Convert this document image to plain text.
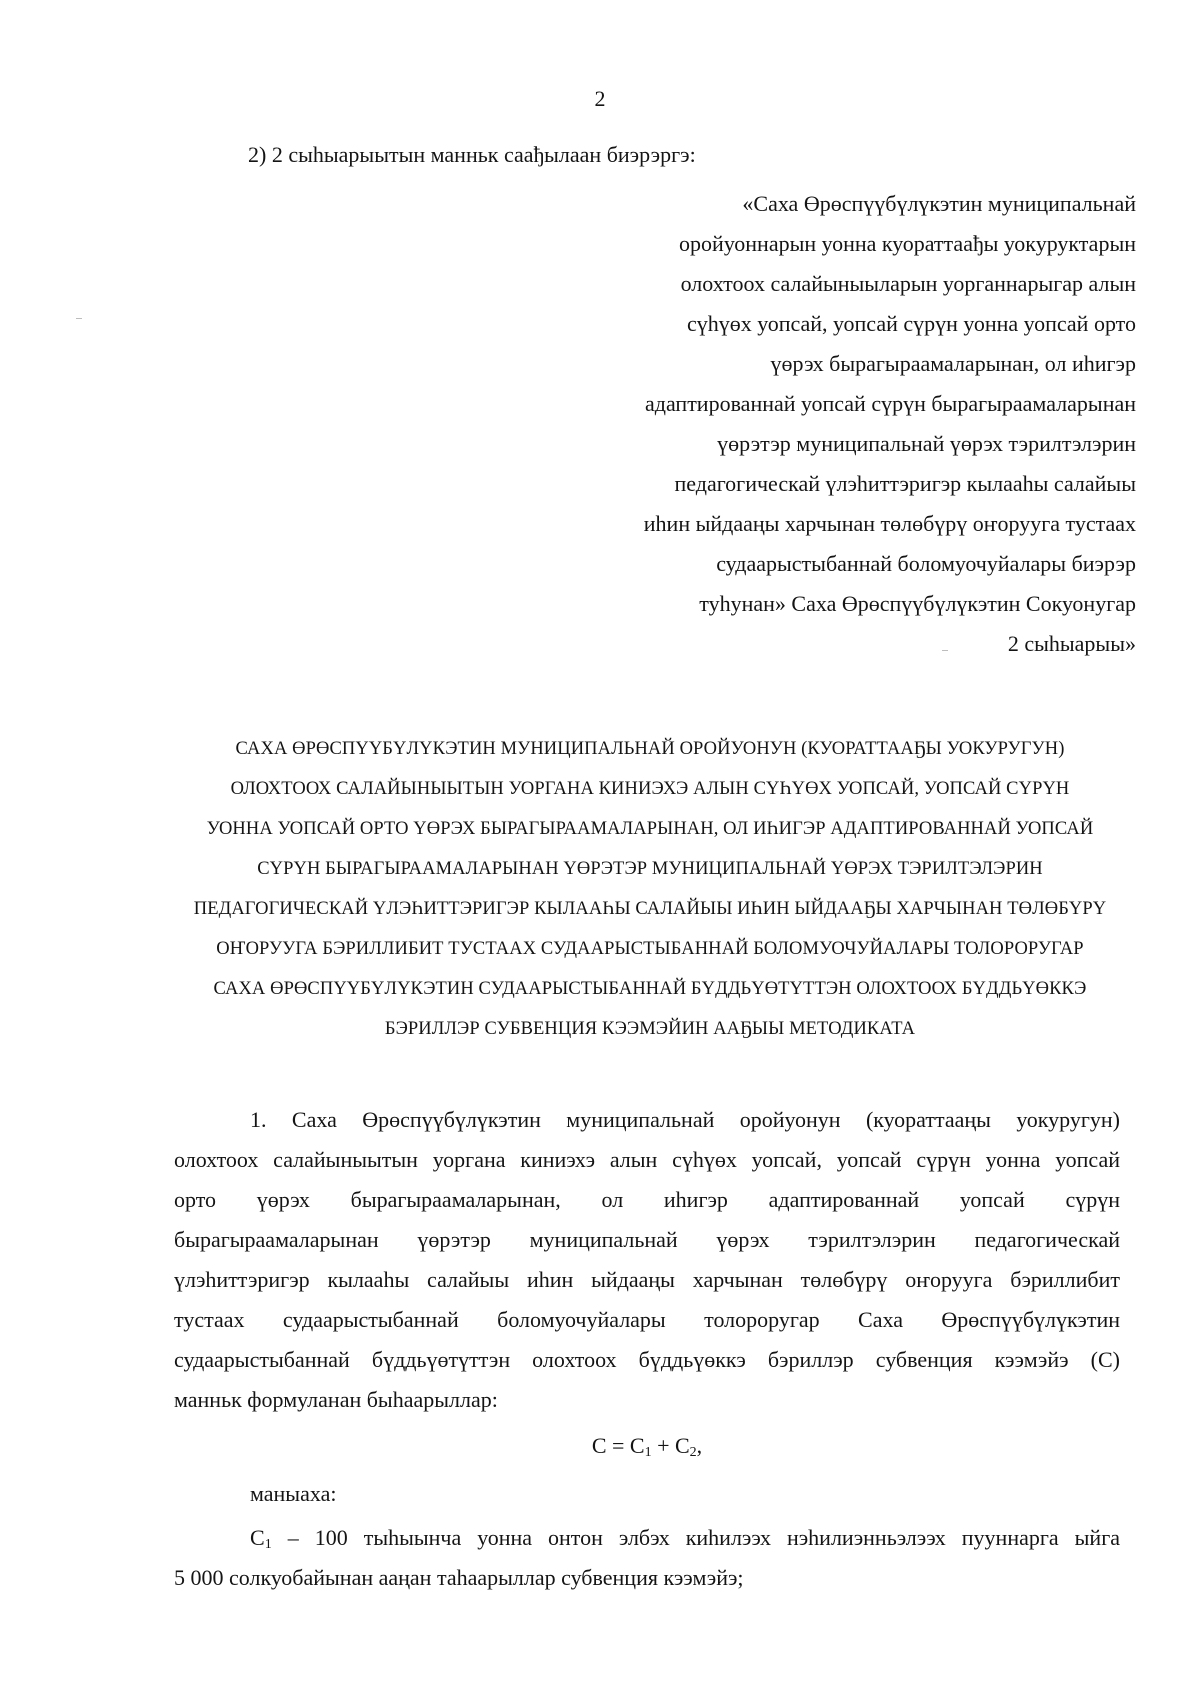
2
2) 2 сыһыарыытын манньк саађылаан биэрэргэ:
«Саха Өрөспүүбүлүкэтин муниципальнай
оройуоннарын уонна куораттаађы уокуруктарын
олохтоох салайыныыларын уорганнарыгар алын
сүһүөх уопсай, уопсай сүрүн уонна уопсай орто
үөрэх бырагыраамаларынан, ол иһигэр
адаптированнай уопсай сүрүн бырагыраамаларынан
үөрэтэр муниципальнай үөрэх тэрилтэлэрин
педагогическай үлэһиттэригэр кылааһы салайыы
иһин ыйдааңы харчынан төлөбүрү оҥорууга тустаах
судаарыстыбаннай боломуочуйалары биэрэр
туһунан» Саха Өрөспүүбүлүкэтин Сокуонугар
2 сыһыарыы»
САХА ӨРӨСПҮҮБҮЛҮКЭТИН МУНИЦИПАЛЬНАЙ ОРОЙУОНУН (КУОРАТТААҔЫ УОКУРУГУН)
ОЛОХТООХ САЛАЙЫНЫЫТЫН УОРГАНА КИНИЭХЭ АЛЫН СҮҺҮӨХ УОПСАЙ, УОПСАЙ СҮРҮН
УОННА УОПСАЙ ОРТО ҮӨРЭХ БЫРАГЫРААМАЛАРЫНАН, ОЛ ИҺИГЭР АДАПТИРОВАННАЙ УОПСАЙ
СҮРҮН БЫРАГЫРААМАЛАРЫНАН ҮӨРЭТЭР МУНИЦИПАЛЬНАЙ ҮӨРЭХ ТЭРИЛТЭЛЭРИН
ПЕДАГОГИЧЕСКАЙ ҮЛЭҺИТТЭРИГЭР КЫЛААҺЫ САЛАЙЫЫ ИҺИН ЫЙДААҔЫ ХАРЧЫНАН ТӨЛӨБҮРҮ
ОҤОРУУГА БЭРИЛЛИБИТ ТУСТААХ СУДААРЫСТЫБАННАЙ БОЛОМУОЧУЙАЛАРЫ ТОЛОРОРУГАР
САХА ӨРӨСПҮҮБҮЛҮКЭТИН СУДААРЫСТЫБАННАЙ БҮДДЬҮӨТҮТТЭН ОЛОХТООХ БҮДДЬҮӨККЭ
БЭРИЛЛЭР СУБВЕНЦИЯ КЭЭМЭЙИН ААҔЫЫ МЕТОДИКАТА
1. Саха Өрөспүүбүлүкэтин муниципальнай оройуонун (куораттааңы уокуругун)
олохтоох салайыныытын уоргана киниэхэ алын сүһүөх уопсай, уопсай сүрүн уонна уопсай
орто үөрэх бырагыраамаларынан, ол иһигэр адаптированнай уопсай сүрүн
бырагыраамаларынан үөрэтэр муниципальнай үөрэх тэрилтэлэрин педагогическай
үлэһиттэригэр кылааһы салайыы иһин ыйдааңы харчынан төлөбүрү оҥорууга бэриллибит
тустаах судаарыстыбаннай боломуочуйалары толороругар Саха Өрөспүүбүлүкэтин
судаарыстыбаннай бүддьүөтүттэн олохтоох бүддьүөккэ бэриллэр субвенция кээмэйэ (С)
манньк формуланан быһаарыллар:
$С = С_1 + С_2$,
маныаха:
$С_1 - 100$ тыһыынча уонна онтон элбэх киһилээх нэһилиэнньэлээх пууннарга ыйга
5 000 солкуобайынан ааңан таһаарыллар субвенция кээмэйэ;
